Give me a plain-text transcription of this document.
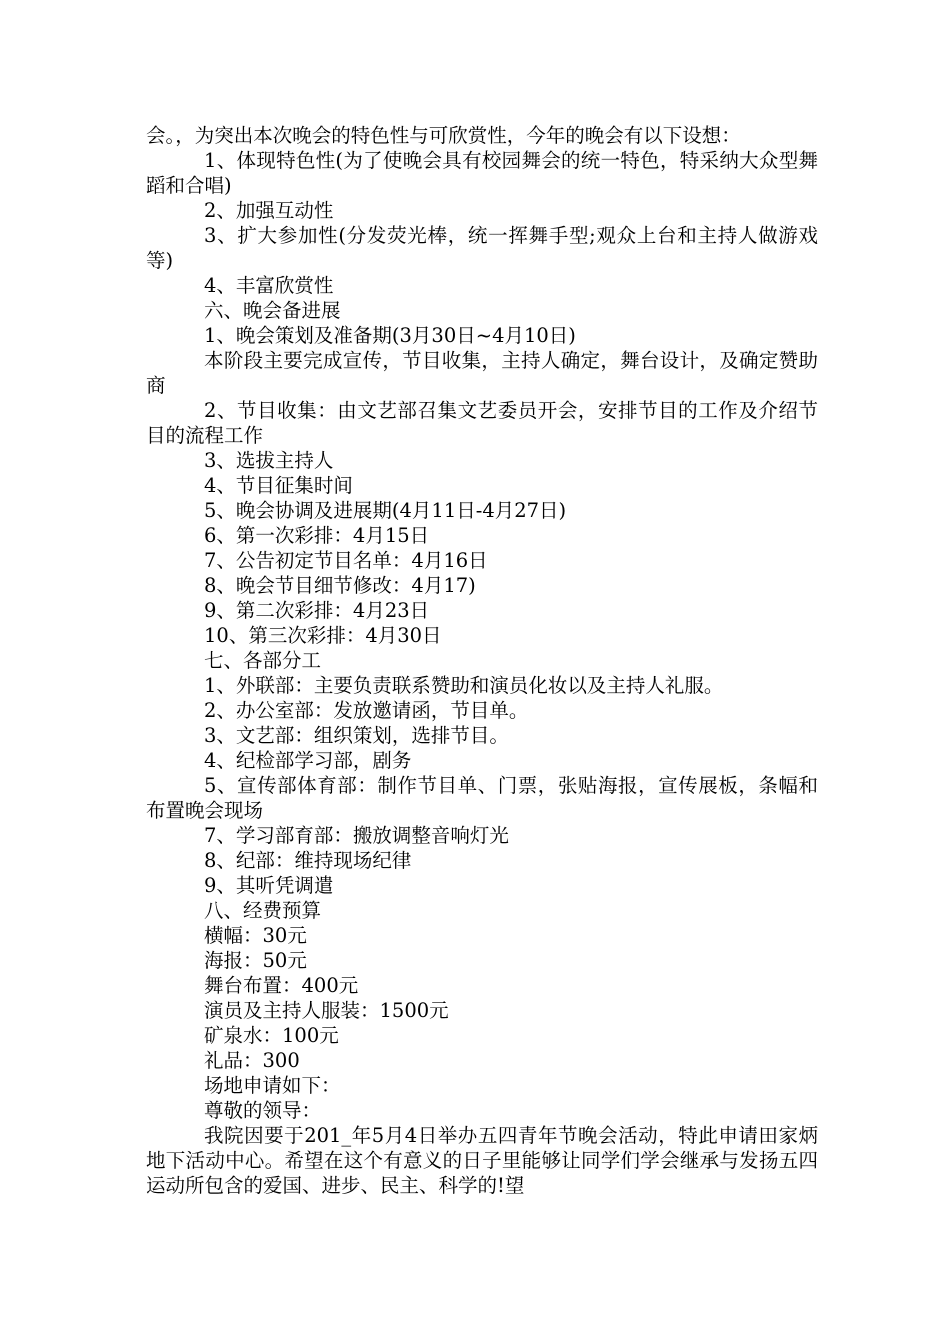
会。，为突出本次晚会的特色性与可欣赏性，今年的晚会有以下设想：

1、体现特色性(为了使晚会具有校园舞会的统一特色，特采纳大众型舞蹈和合唱)

2、加强互动性

3、扩大参加性(分发荧光棒，统一挥舞手型;观众上台和主持人做游戏等)

4、丰富欣赏性

六、晚会备进展

1、晚会策划及准备期(3月30日~4月10日)

本阶段主要完成宣传，节目收集，主持人确定，舞台设计，及确定赞助商

2、节目收集：由文艺部召集文艺委员开会，安排节目的工作及介绍节目的流程工作

3、选拔主持人

4、节目征集时间

5、晚会协调及进展期(4月11日-4月27日)

6、第一次彩排：4月15日

7、公告初定节目名单：4月16日

8、晚会节目细节修改：4月17)

9、第二次彩排：4月23日

10、第三次彩排：4月30日

七、各部分工

1、外联部：主要负责联系赞助和演员化妆以及主持人礼服。

2、办公室部：发放邀请函，节目单。

3、文艺部：组织策划，选排节目。

4、纪检部学习部，剧务

5、宣传部体育部：制作节目单、门票，张贴海报，宣传展板，条幅和布置晚会现场

7、学习部育部：搬放调整音响灯光

8、纪部：维持现场纪律

9、其听凭调遣

八、经费预算

横幅：30元

海报：50元

舞台布置：400元

演员及主持人服装：1500元

矿泉水：100元

礼品：300

场地申请如下：

尊敬的领导：

我院因要于201_年5月4日举办五四青年节晚会活动，特此申请田家炳地下活动中心。希望在这个有意义的日子里能够让同学们学会继承与发扬五四运动所包含的爱国、进步、民主、科学的!望
